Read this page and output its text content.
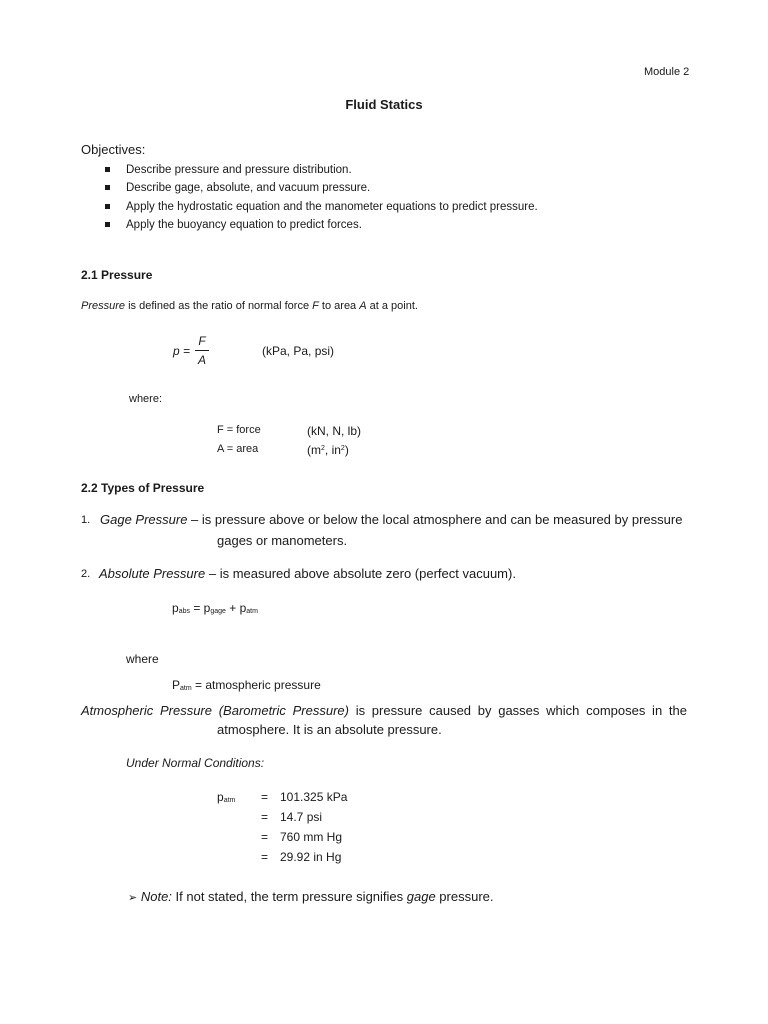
Module 2
Fluid Statics
Objectives:
Describe pressure and pressure distribution.
Describe gage, absolute, and vacuum pressure.
Apply the hydrostatic equation and the manometer equations to predict pressure.
Apply the buoyancy equation to predict forces.
2.1 Pressure
Pressure is defined as the ratio of normal force F to area A at a point.
p =
F
A
(kPa, Pa, psi)
where:
F = force	(kN, N, lb)
A = area	($m^2$, $in^2$)
2.2 Types of Pressure
1. Gage Pressure – is pressure above or below the local atmosphere and can be measured by pressure
gages or manometers.
2. Absolute Pressure – is measured above absolute zero (perfect vacuum).
$p_{abs} = p_{gage} + p_{atm}$
where
$P_{atm}$ = atmospheric pressure
Atmospheric Pressure (Barometric Pressure) is pressure caused by gasses which composes in the
atmosphere. It is an absolute pressure.
Under Normal Conditions:
$p_{atm} = 101.325$ kPa
= 14.7 psi
= 760 mm Hg
= 29.92 in Hg
➢ Note: If not stated, the term pressure signifies gage pressure.
